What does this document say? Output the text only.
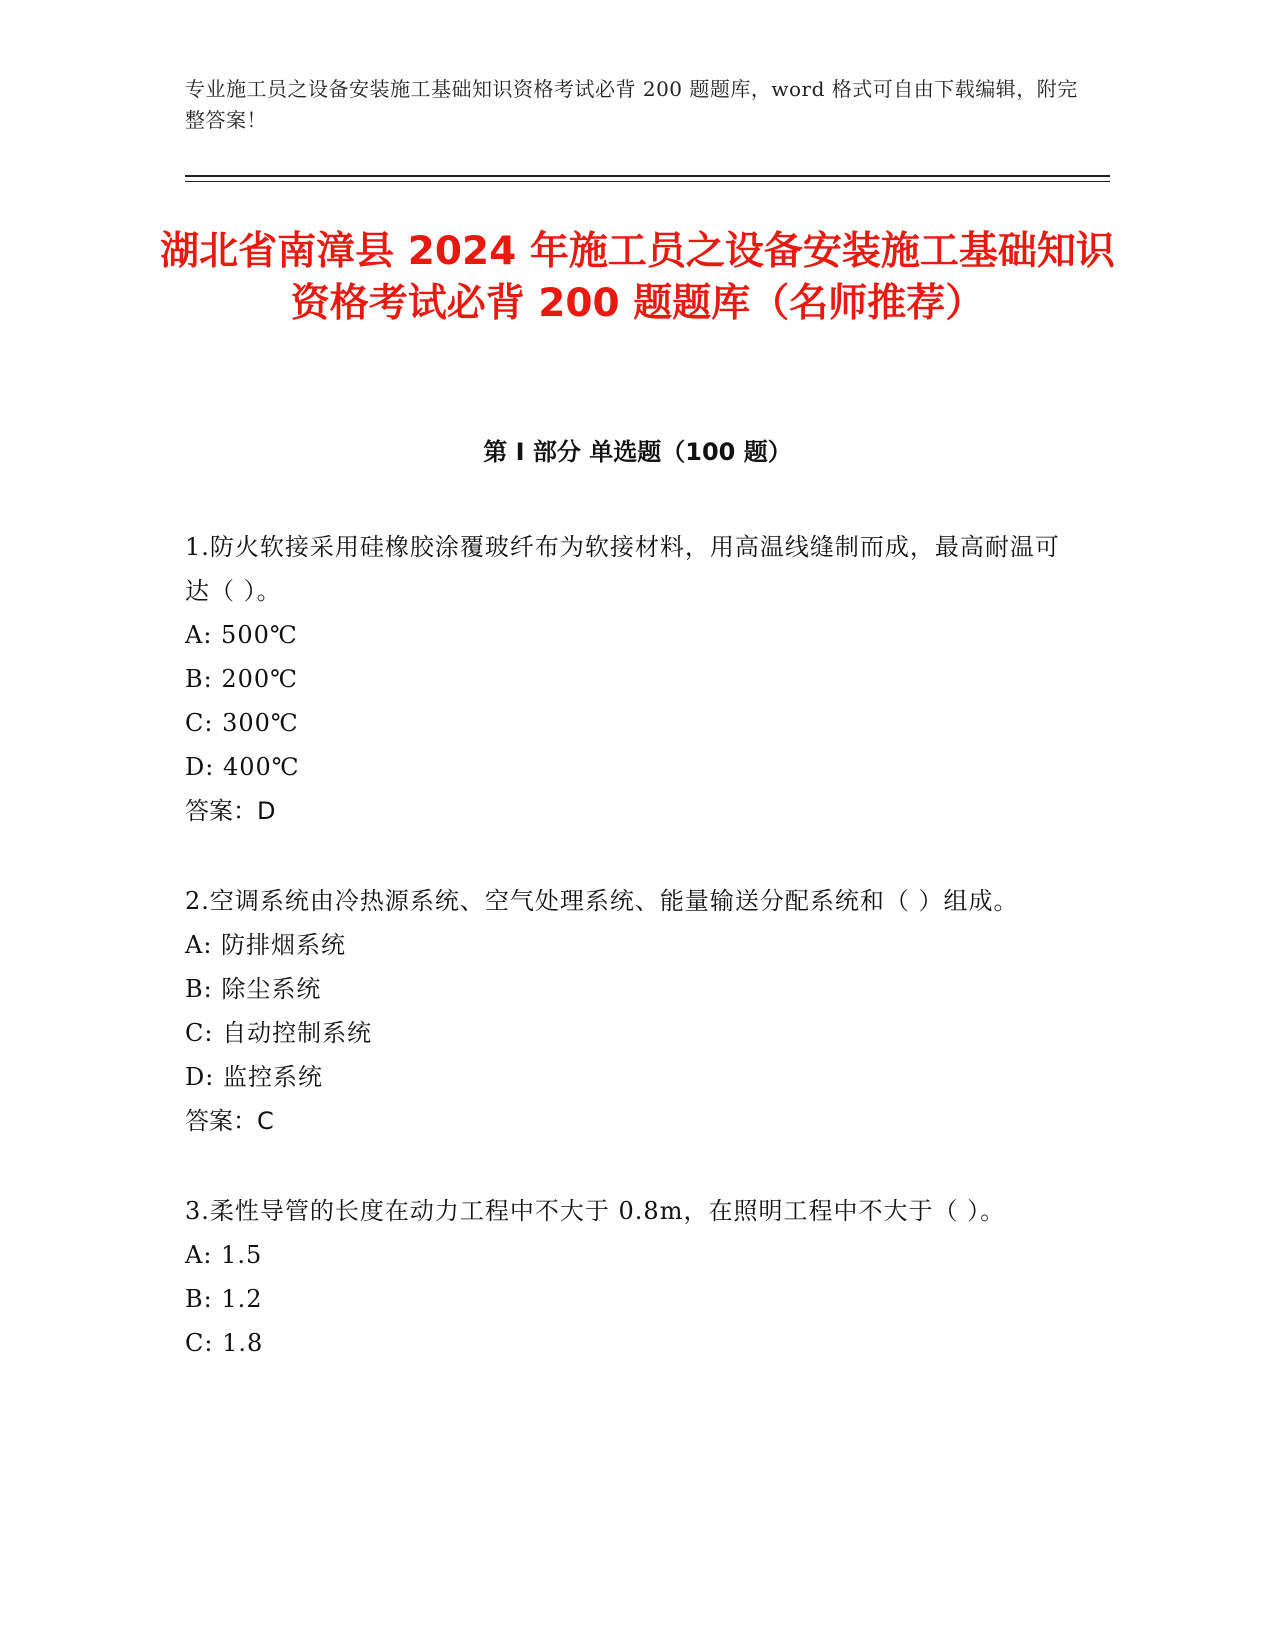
专业施工员之设备安装施工基础知识资格考试必背 200 题题库，word 格式可自由下载编辑，附完整答案！
湖北省南漳县 2024 年施工员之设备安装施工基础知识资格考试必背 200 题题库（名师推荐）
第 I 部分 单选题（100 题）
1.防火软接采用硅橡胶涂覆玻纤布为软接材料，用高温线缝制而成，最高耐温可达（ ）。
A: 500℃
B: 200℃
C: 300℃
D: 400℃
答案：D
2.空调系统由冷热源系统、空气处理系统、能量输送分配系统和（ ）组成。
A: 防排烟系统
B: 除尘系统
C: 自动控制系统
D: 监控系统
答案：C
3.柔性导管的长度在动力工程中不大于 0.8m，在照明工程中不大于（ ）。
A: 1.5
B: 1.2
C: 1.8
